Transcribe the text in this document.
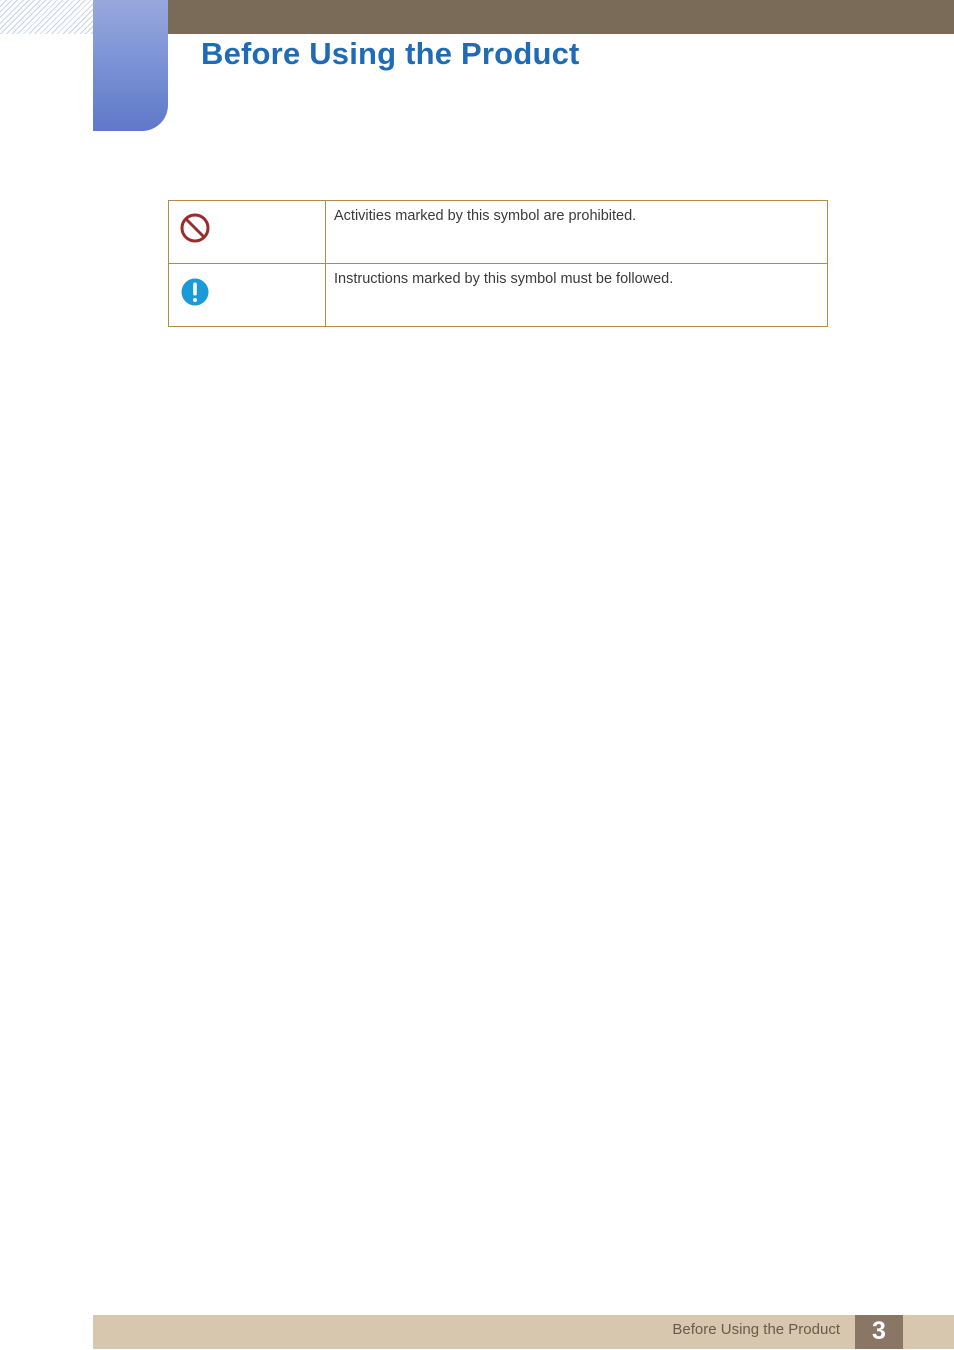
Before Using the Product
	Activities marked by this symbol are prohibited.

	Instructions marked by this symbol must be followed.
Before Using the Product	3
